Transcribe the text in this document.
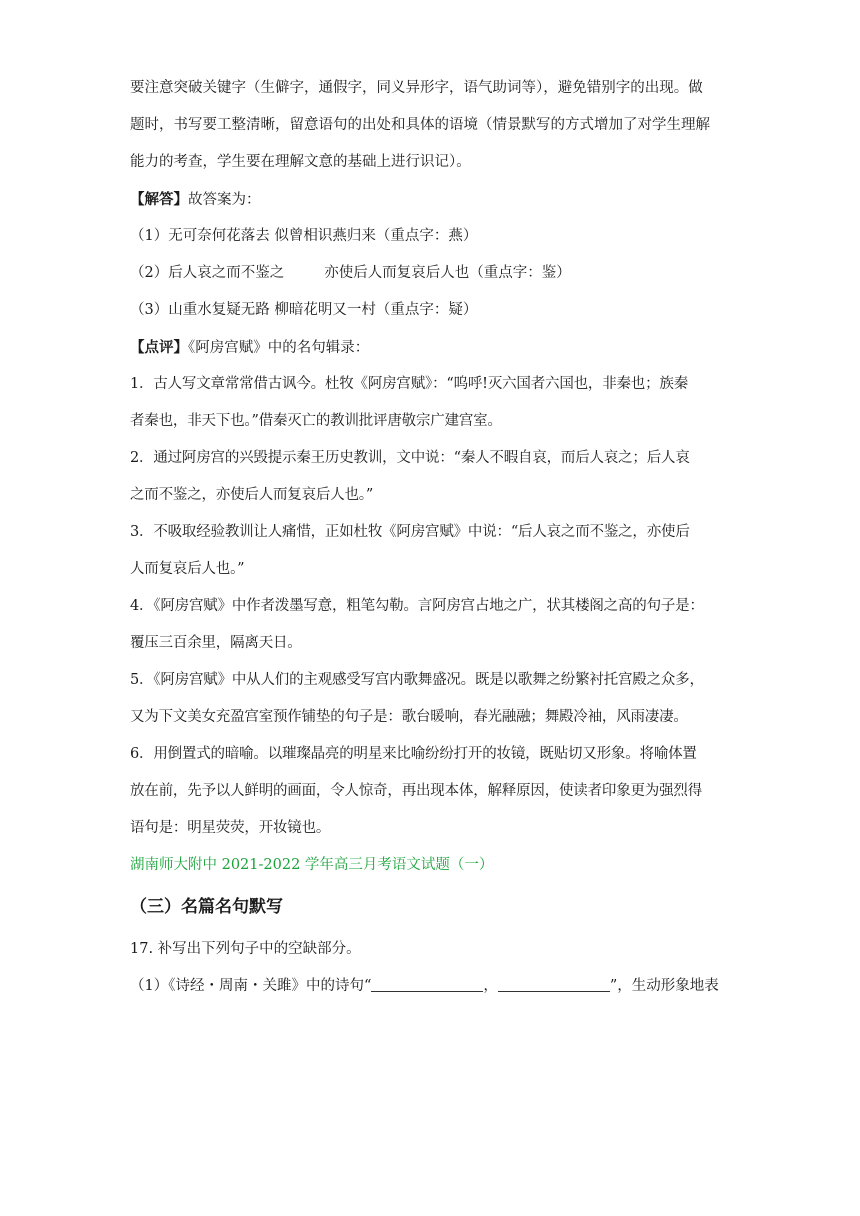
要注意突破关键字（生僻字，通假字，同义异形字，语气助词等），避免错别字的出现。做
题时，书写要工整清晰，留意语句的出处和具体的语境（情景默写的方式增加了对学生理解
能力的考查，学生要在理解文意的基础上进行识记）。
【解答】故答案为：
（1）无可奈何花落去 似曾相识燕归来（重点字：燕）
（2）后人哀之而不鉴之	亦使后人而复哀后人也（重点字：鉴）
（3）山重水复疑无路 柳暗花明又一村（重点字：疑）
【点评】《阿房宫赋》中的名句辑录：
1．古人写文章常常借古讽今。杜牧《阿房宫赋》：“呜呼!灭六国者六国也，非秦也；族秦
者秦也，非天下也。”借秦灭亡的教训批评唐敬宗广建宫室。
2．通过阿房宫的兴毁提示秦王历史教训，文中说：“秦人不暇自哀，而后人哀之；后人哀
之而不鉴之，亦使后人而复哀后人也。”
3．不吸取经验教训让人痛惜，正如杜牧《阿房宫赋》中说：“后人哀之而不鉴之，亦使后
人而复哀后人也。”
4．《阿房宫赋》中作者泼墨写意，粗笔勾勒。言阿房宫占地之广，状其楼阁之高的句子是：
覆压三百余里，隔离天日。
5．《阿房宫赋》中从人们的主观感受写宫内歌舞盛况。既是以歌舞之纷繁衬托宫殿之众多，
又为下文美女充盈宫室预作铺垫的句子是：歌台暖响，春光融融；舞殿冷袖，风雨凄凄。
6．用倒置式的暗喻。以璀璨晶亮的明星来比喻纷纷打开的妆镜，既贴切又形象。将喻体置
放在前，先予以人鲜明的画面，令人惊奇，再出现本体，解释原因，使读者印象更为强烈得
语句是：明星荧荧，开妆镜也。
湖南师大附中 2021-2022 学年高三月考语文试题（一）
（三）名篇名句默写
17. 补写出下列句子中的空缺部分。
（1）《诗经・周南・关雎》中的诗句“	，	”，生动形象地表
